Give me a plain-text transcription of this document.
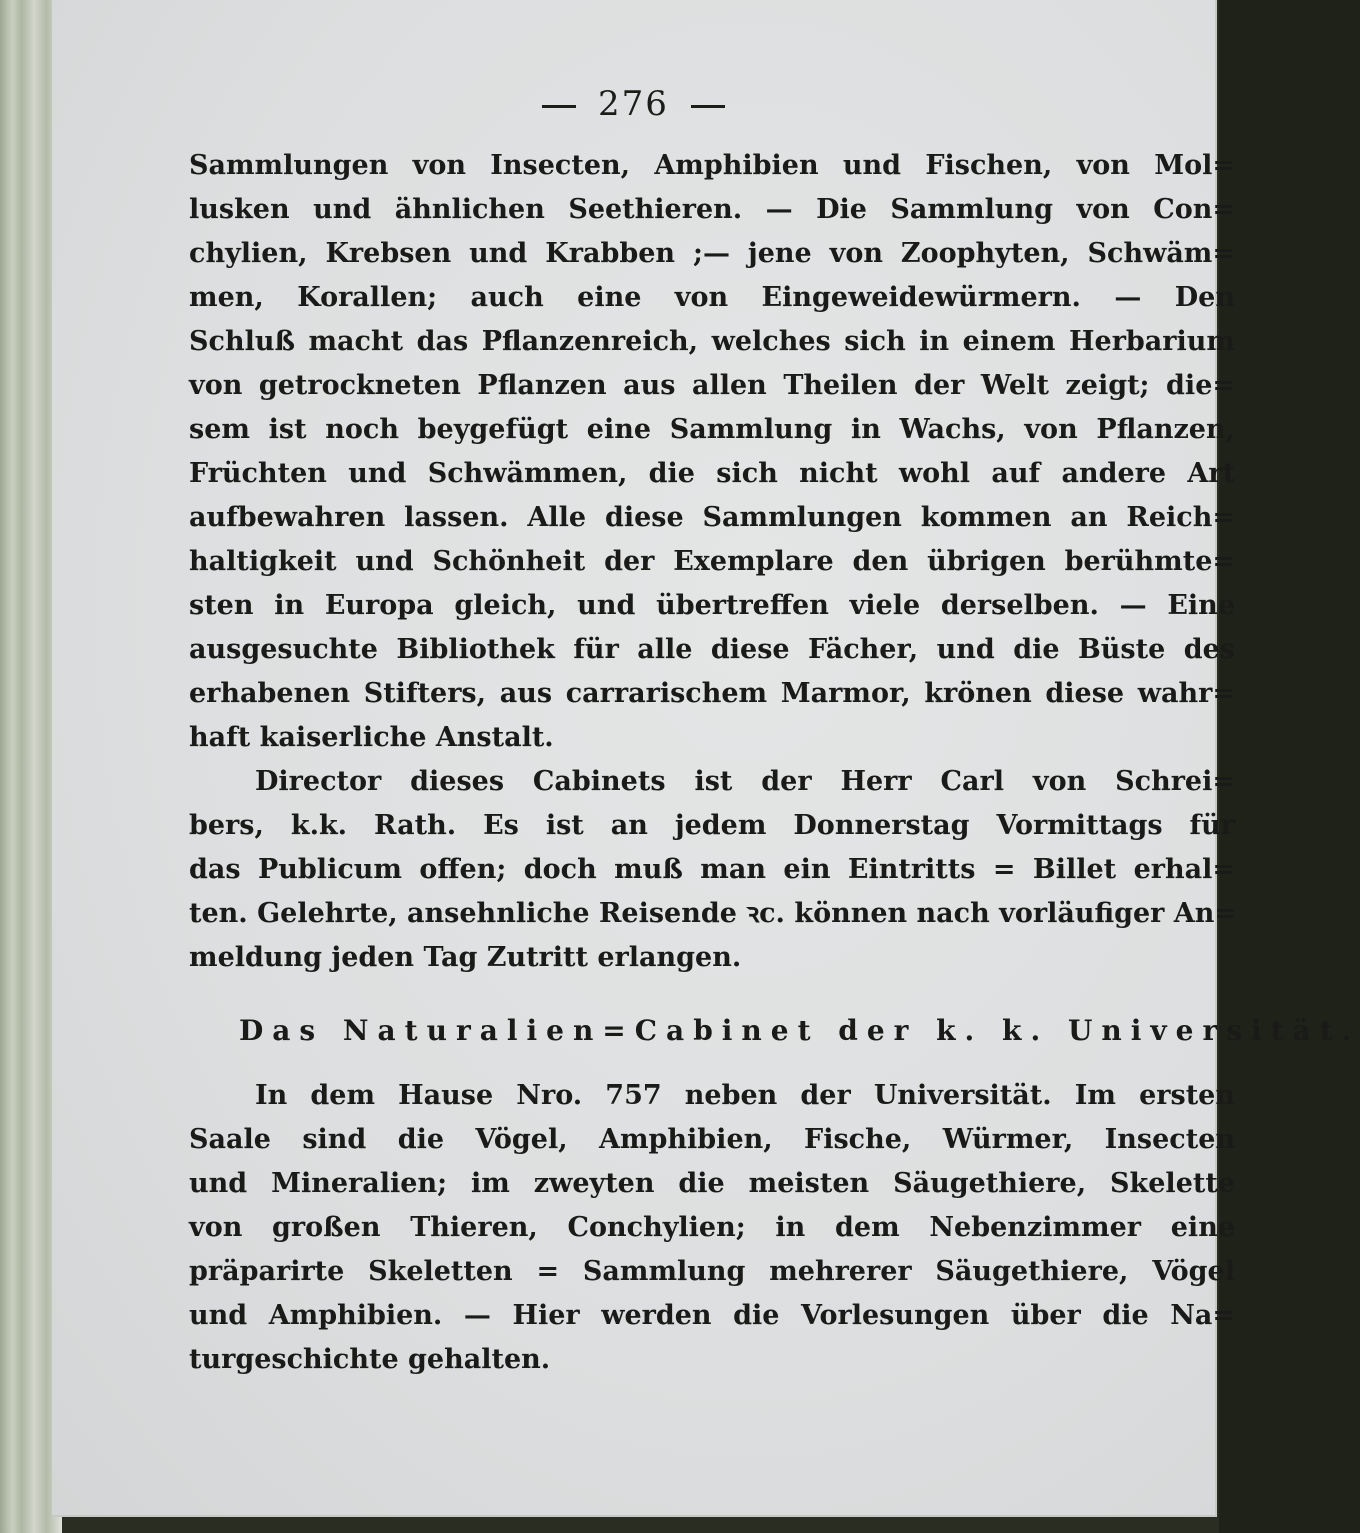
276
Sammlungen von Insecten, Amphibien und Fischen, von Mol=
lusken und ähnlichen Seethieren. — Die Sammlung von Con=
chylien, Krebsen und Krabben ;— jene von Zoophyten, Schwäm=
men, Korallen; auch eine von Eingeweidewürmern. — Den
Schluß macht das Pflanzenreich, welches sich in einem Herbarium
von getrockneten Pflanzen aus allen Theilen der Welt zeigt; die=
sem ist noch beygefügt eine Sammlung in Wachs, von Pflanzen,
Früchten und Schwämmen, die sich nicht wohl auf andere Art
aufbewahren lassen. Alle diese Sammlungen kommen an Reich=
haltigkeit und Schönheit der Exemplare den übrigen berühmte=
sten in Europa gleich, und übertreffen viele derselben. — Eine
ausgesuchte Bibliothek für alle diese Fächer, und die Büste des
erhabenen Stifters, aus carrarischem Marmor, krönen diese wahr=
haft kaiserliche Anstalt.
Director dieses Cabinets ist der Herr Carl von Schrei=
bers, k.k. Rath. Es ist an jedem Donnerstag Vormittags für
das Publicum offen; doch muß man ein Eintritts = Billet erhal=
ten. Gelehrte, ansehnliche Reisende ꝛc. können nach vorläufiger An=
meldung jeden Tag Zutritt erlangen.
Das Naturalien=Cabinet der k. k. Universität.
In dem Hause Nro. 757 neben der Universität. Im ersten
Saale sind die Vögel, Amphibien, Fische, Würmer, Insecten
und Mineralien; im zweyten die meisten Säugethiere, Skelette
von großen Thieren, Conchylien; in dem Nebenzimmer eine
präparirte Skeletten = Sammlung mehrerer Säugethiere, Vögel
und Amphibien. — Hier werden die Vorlesungen über die Na=
turgeschichte gehalten.
